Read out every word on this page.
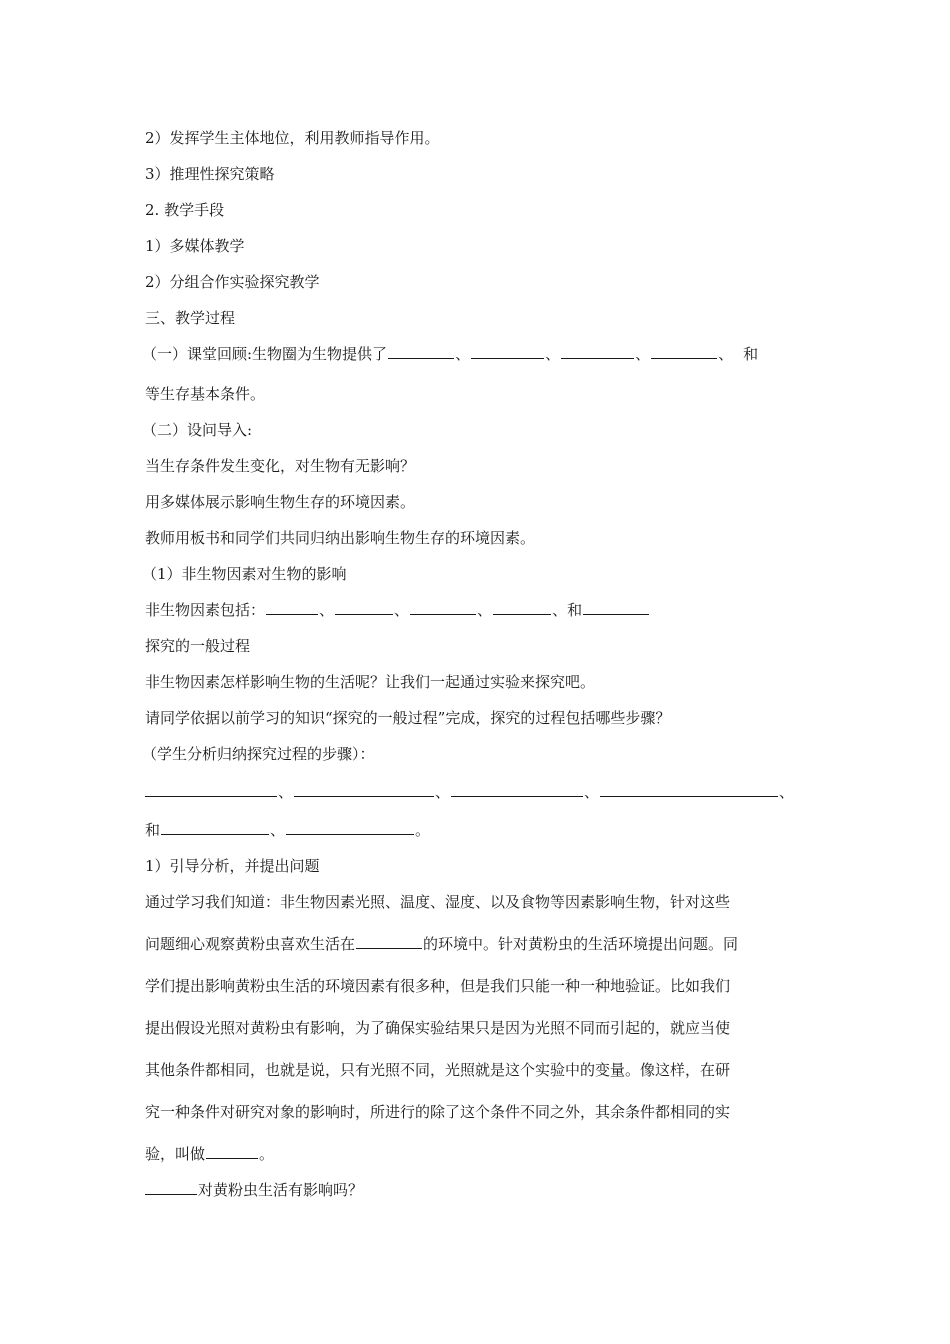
2）发挥学生主体地位，利用教师指导作用。
3）推理性探究策略
2. 教学手段
1）多媒体教学
2）分组合作实验探究教学
三、教学过程
（一）课堂回顾:生物圈为生物提供了	、	、	、	、 和
等生存基本条件。
（二）设问导入:
当生存条件发生变化，对生物有无影响？
用多媒体展示影响生物生存的环境因素。
教师用板书和同学们共同归纳出影响生物生存的环境因素。
（1）非生物因素对生物的影响
非生物因素包括：	、	、	、	、和
探究的一般过程
非生物因素怎样影响生物的生活呢？让我们一起通过实验来探究吧。
请同学依据以前学习的知识“探究的一般过程”完成，探究的过程包括哪些步骤？
（学生分析归纳探究过程的步骤）：
、	、	、	、
和	、	。
1）引导分析，并提出问题
通过学习我们知道：非生物因素光照、温度、湿度、以及食物等因素影响生物，针对这些
问题细心观察黄粉虫喜欢生活在	的环境中。针对黄粉虫的生活环境提出问题。同
学们提出影响黄粉虫生活的环境因素有很多种，但是我们只能一种一种地验证。比如我们
提出假设光照对黄粉虫有影响，为了确保实验结果只是因为光照不同而引起的，就应当使
其他条件都相同，也就是说，只有光照不同，光照就是这个实验中的变量。像这样，在研
究一种条件对研究对象的影响时，所进行的除了这个条件不同之外，其余条件都相同的实
验，叫做	。
对黄粉虫生活有影响吗？
